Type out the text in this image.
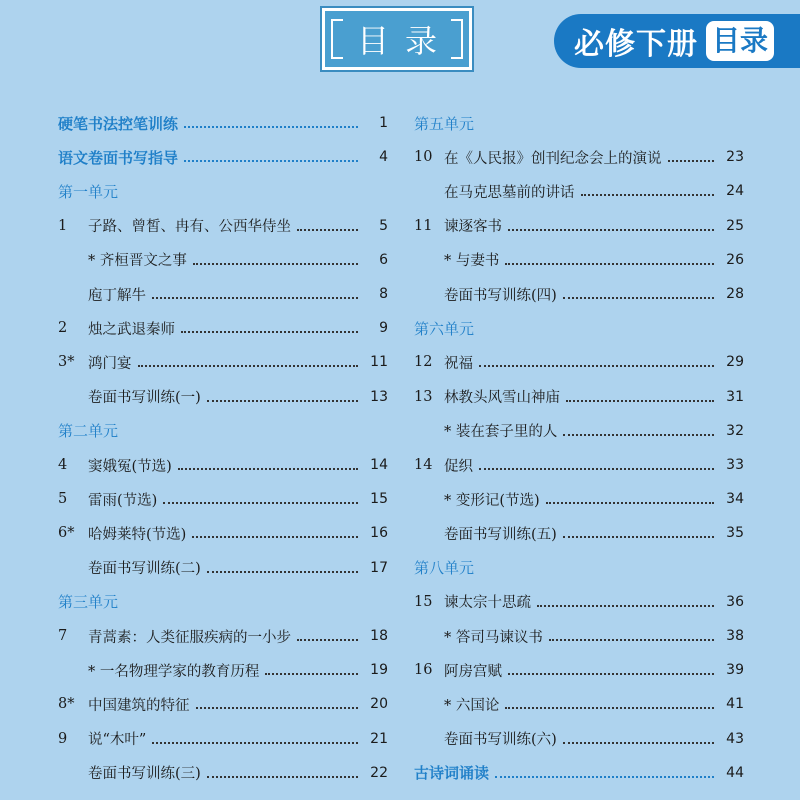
目录	必修下册 目录
硬笔书法控笔训练	1
语文卷面书写指导	4
第一单元
1	子路、曾皙、冉有、公西华侍坐	5
* 齐桓晋文之事	6
庖丁解牛	8
2	烛之武退秦师	9
3* 鸿门宴	11
卷面书写训练(一)	13
第二单元
4	窦娥冤(节选)	14
5	雷雨(节选)	15
6* 哈姆莱特(节选)	16
卷面书写训练(二)	17
第三单元
7	青蒿素：人类征服疾病的一小步	18
* 一名物理学家的教育历程	19
8* 中国建筑的特征	20
9	说“木叶”	21
卷面书写训练(三)	22
第五单元
10 在《人民报》创刊纪念会上的演说	23
在马克思墓前的讲话	24
11 谏逐客书	25
* 与妻书	26
卷面书写训练(四)	28
第六单元
12 祝福	29
13 林教头风雪山神庙	31
* 装在套子里的人	32
14 促织	33
* 变形记(节选)	34
卷面书写训练(五)	35
第八单元
15 谏太宗十思疏	36
* 答司马谏议书	38
16 阿房宫赋	39
* 六国论	41
卷面书写训练(六)	43
古诗词诵读	44
